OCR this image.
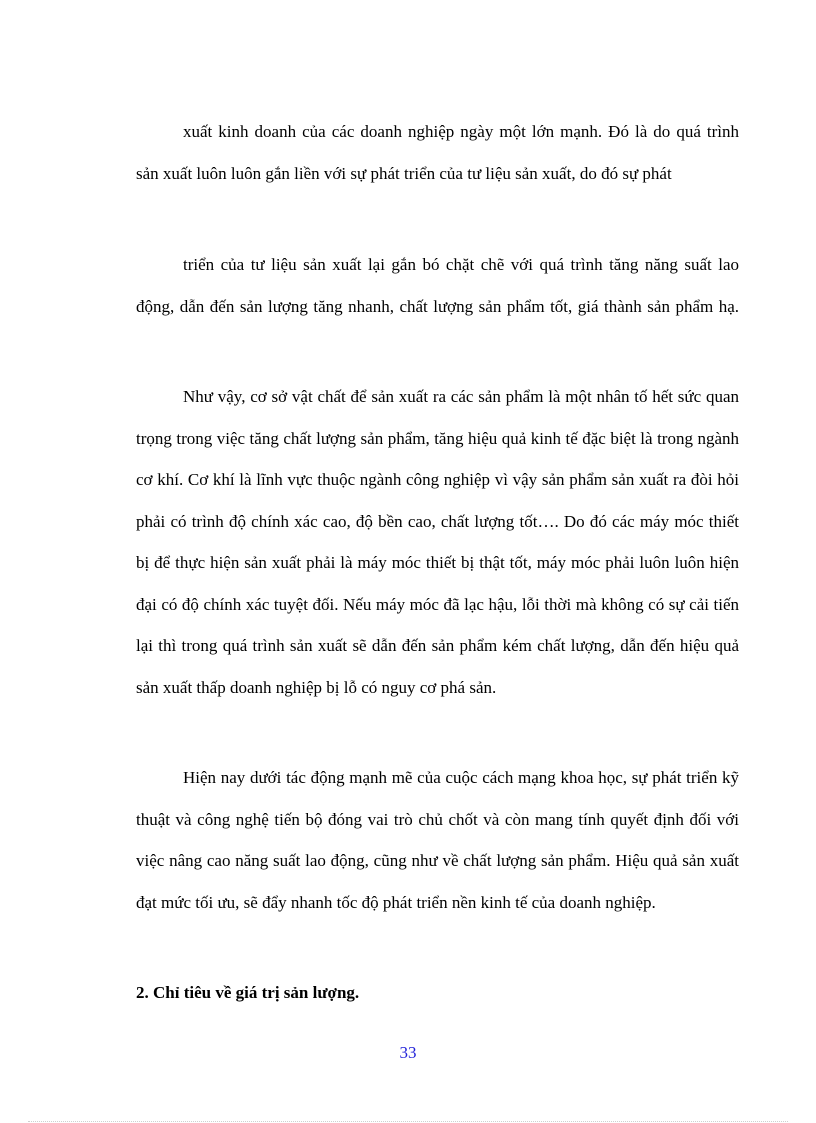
xuất kinh doanh của các doanh nghiệp ngày một lớn mạnh. Đó là do quá trình sản xuất luôn luôn gắn liền với sự phát triển của tư liệu sản xuất, do đó sự phát

triển của tư liệu sản xuất lại gắn bó chặt chẽ với quá trình tăng năng suất lao động, dẫn đến sản lượng tăng nhanh, chất lượng sản phẩm tốt, giá thành sản phẩm hạ.

Như vậy, cơ sở vật chất để sản xuất ra các sản phẩm là một nhân tố hết sức quan trọng trong việc tăng chất lượng sản phẩm, tăng hiệu quả kinh tế đặc biệt là trong ngành cơ khí. Cơ khí là lĩnh vực thuộc ngành công nghiệp vì vậy sản phẩm sản xuất ra đòi hỏi phải có trình độ chính xác cao, độ bền cao, chất lượng tốt…. Do đó các máy móc thiết bị để thực hiện sản xuất phải là máy móc thiết bị thật tốt, máy móc phải luôn luôn hiện đại có độ chính xác tuyệt đối. Nếu máy móc đã lạc hậu, lỗi thời mà không có sự cải tiến lại thì trong quá trình sản xuất sẽ dẫn đến sản phẩm kém chất lượng, dẫn đến hiệu quả sản xuất thấp doanh nghiệp bị lỗ có nguy cơ phá sản.

Hiện nay dưới tác động mạnh mẽ của cuộc cách mạng khoa học, sự phát triển kỹ thuật và công nghệ tiến bộ đóng vai trò chủ chốt và còn mang tính quyết định đối với việc nâng cao năng suất lao động, cũng như về chất lượng sản phẩm. Hiệu quả sản xuất đạt mức tối ưu, sẽ đẩy nhanh tốc độ phát triển nền kinh tế của doanh nghiệp.

2. Chỉ tiêu về giá trị sản lượng.

33
